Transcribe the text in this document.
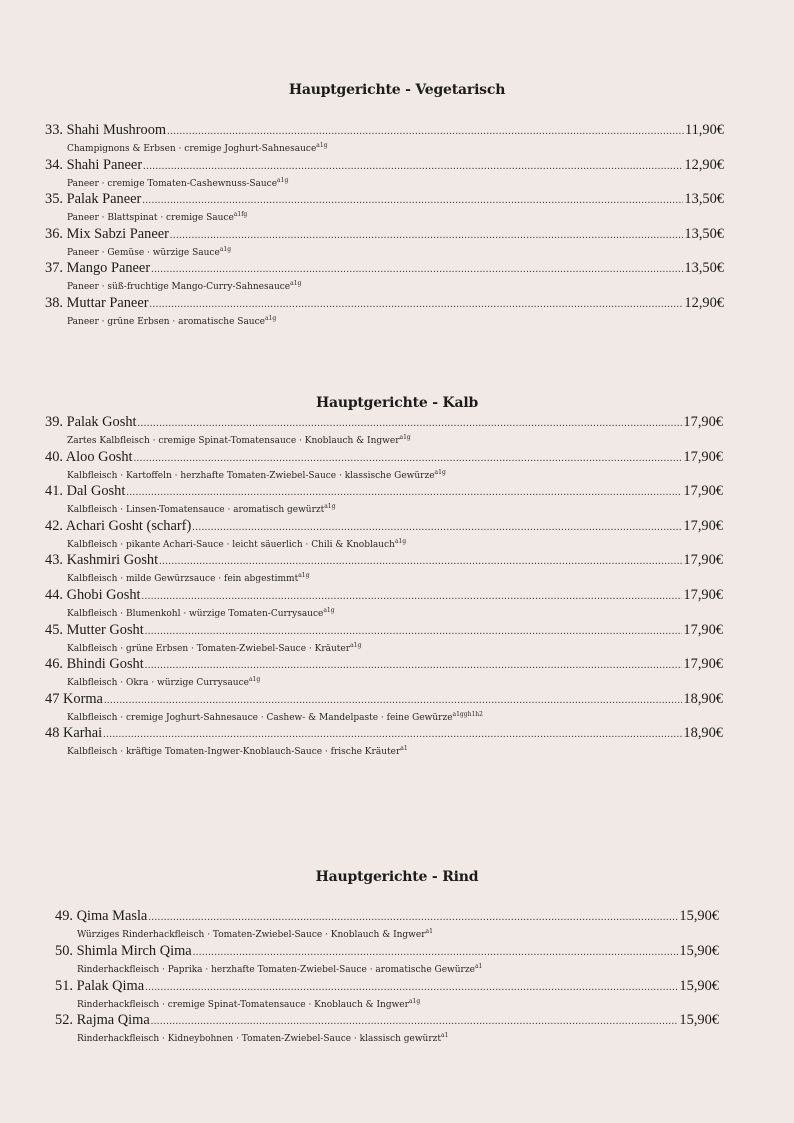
Hauptgerichte - Vegetarisch
33. Shahi Mushroom .....	11,90€
Champignons & Erbsen · cremige Joghurt-Sahnesauce$^{a1g}$
34. Shahi Paneer .....	12,90€
Paneer · cremige Tomaten-Cashewnuss-Sauce$^{a1g}$
35. Palak Paneer .....	13,50€
Paneer · Blattspinat · cremige Sauce$^{a1fg}$
36. Mix Sabzi Paneer .....	13,50€
Paneer · Gemüse · würzige Sauce$^{a1g}$
37. Mango Paneer .....	13,50€
Paneer · süß-fruchtige Mango-Curry-Sahnesauce$^{a1g}$
38. Muttar Paneer .....	12,90€
Paneer · grüne Erbsen · aromatische Sauce$^{a1g}$
Hauptgerichte - Kalb
39. Palak Gosht .....	17,90€
Zartes Kalbfleisch · cremige Spinat-Tomatensauce · Knoblauch & Ingwer$^{a1g}$
40. Aloo Gosht .....	17,90€
Kalbfleisch · Kartoffeln · herzhafte Tomaten-Zwiebel-Sauce · klassische Gewürze$^{a1g}$
41. Dal Gosht .....	17,90€
Kalbfleisch · Linsen-Tomatensauce · aromatisch gewürzt$^{a1g}$
42. Achari Gosht (scharf) .....	17,90€
Kalbfleisch · pikante Achari-Sauce · leicht säuerlich · Chili & Knoblauch$^{a1g}$
43. Kashmiri Gosht .....	17,90€
Kalbfleisch · milde Gewürzsauce · fein abgestimmt$^{a1g}$
44. Ghobi Gosht .....	17,90€
Kalbfleisch · Blumenkohl · würzige Tomaten-Currysauce$^{a1g}$
45. Mutter Gosht .....	17,90€
Kalbfleisch · grüne Erbsen · Tomaten-Zwiebel-Sauce · Kräuter$^{a1g}$
46. Bhindi Gosht .....	17,90€
Kalbfleisch · Okra · würzige Currysauce$^{a1g}$
47 Korma .....	18,90€
Kalbfleisch · cremige Joghurt-Sahnesauce · Cashew- & Mandelpaste · feine Gewürze$^{a1ggh1h2}$
48 Karhai .....	18,90€
Kalbfleisch · kräftige Tomaten-Ingwer-Knoblauch-Sauce · frische Kräuter$^{a1}$
Hauptgerichte - Rind
49. Qima Masla .....	15,90€
Würziges Rinderhackfleisch · Tomaten-Zwiebel-Sauce · Knoblauch & Ingwer$^{a1}$
50. Shimla Mirch Qima .....	15,90€
Rinderhackfleisch · Paprika · herzhafte Tomaten-Zwiebel-Sauce · aromatische Gewürze$^{a1}$
51. Palak Qima .....	15,90€
Rinderhackfleisch · cremige Spinat-Tomatensauce · Knoblauch & Ingwer$^{a1g}$
52. Rajma Qima .....	15,90€
Rinderhackfleisch · Kidneybohnen · Tomaten-Zwiebel-Sauce · klassisch gewürzt$^{a1}$
